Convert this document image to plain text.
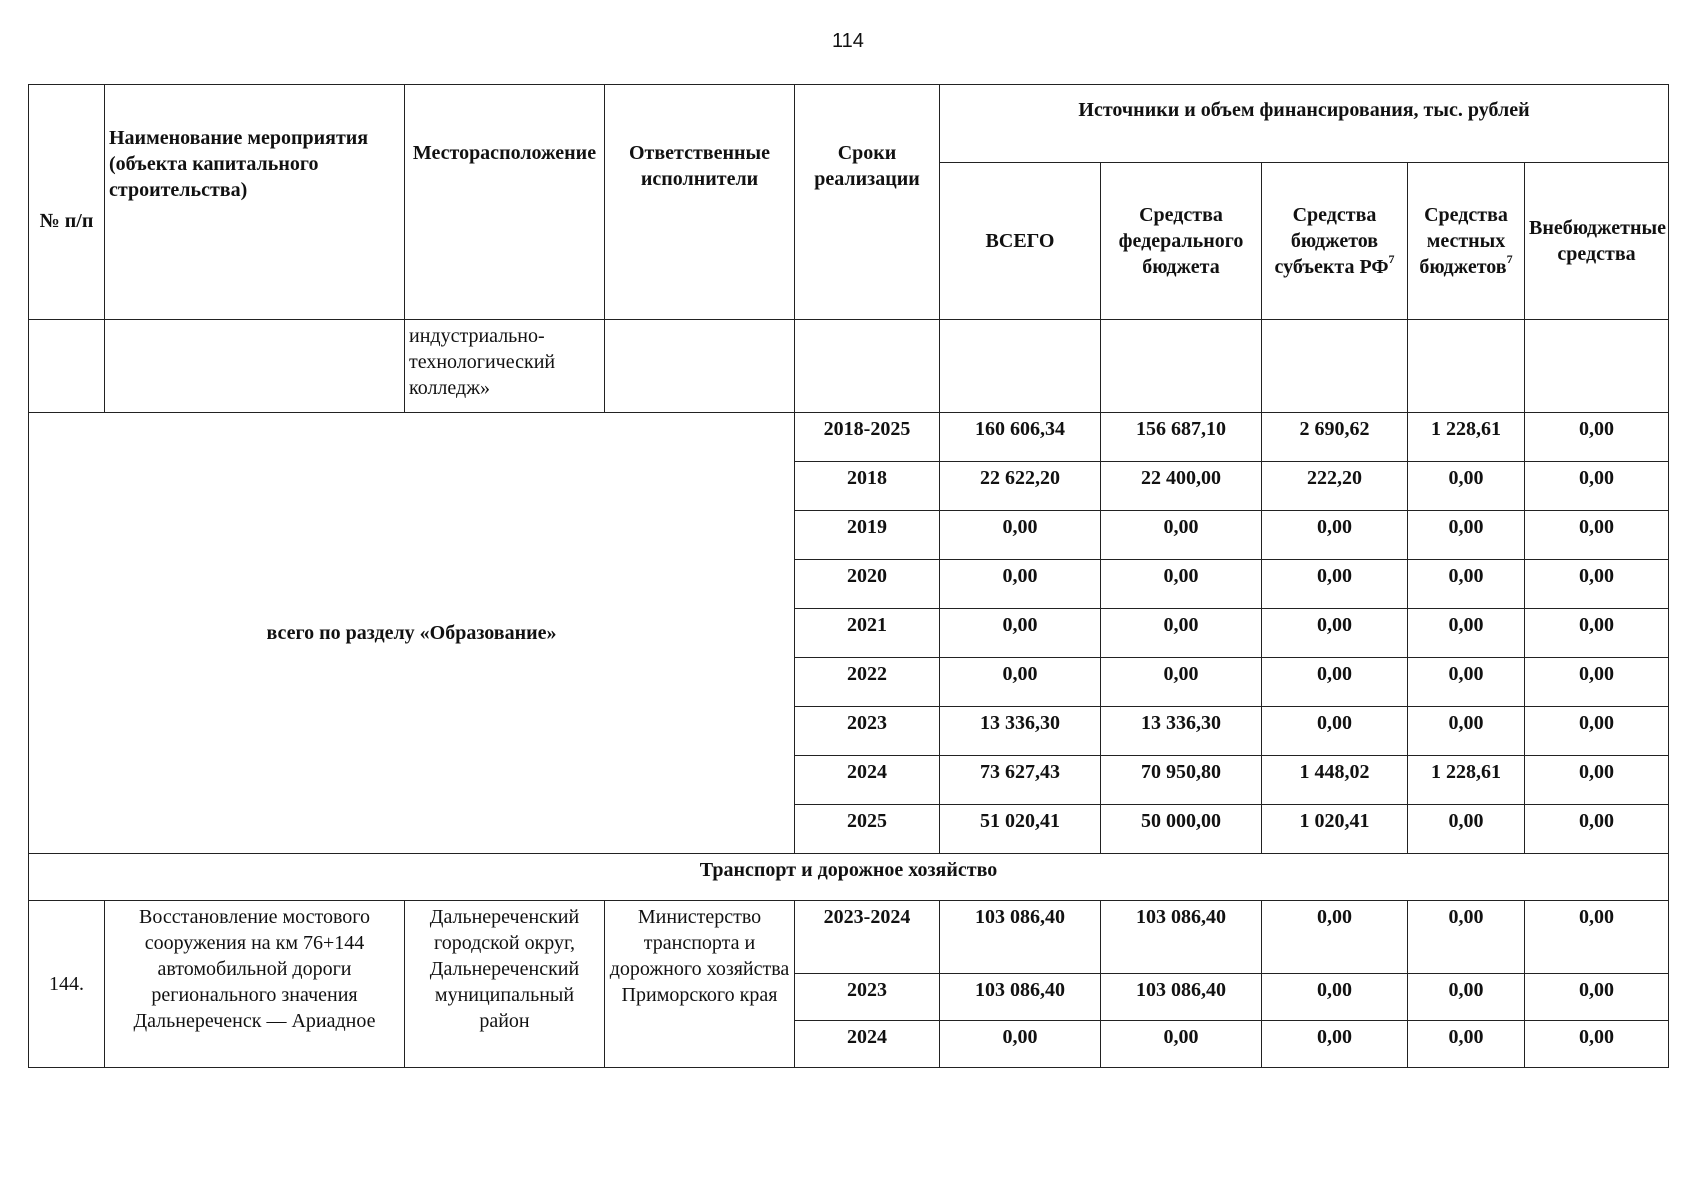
114
№ п/п	Наименование мероприятия (объекта капитального строительства)	Месторасположение	Ответственные исполнители	Сроки реализации	Источники и объем финансирования, тыс. рублей				
					ВСЕГО	Средства федерального бюджета	Средства бюджетов субъекта $РФ^7$	Средства местных бюджетов$^7$	Внебюджетные средства
		индустриально-технологический колледж»							
всего по разделу «Образование»				2018-2025	160 606,34	156 687,10	2 690,62	1 228,61	0,00
				2018	22 622,20	22 400,00	222,20	0,00	0,00
				2019	0,00	0,00	0,00	0,00	0,00
				2020	0,00	0,00	0,00	0,00	0,00
				2021	0,00	0,00	0,00	0,00	0,00
				2022	0,00	0,00	0,00	0,00	0,00
				2023	13 336,30	13 336,30	0,00	0,00	0,00
				2024	73 627,43	70 950,80	1 448,02	1 228,61	0,00
				2025	51 020,41	50 000,00	1 020,41	0,00	0,00
Транспорт и дорожное хозяйство									
144.	Восстановление мостового сооружения на км 76+144 автомобильной дороги регионального значения Дальнереченск — Ариадное	Дальнереченский городской округ, Дальнереченский муниципальный район	Министерство транспорта и дорожного хозяйства Приморского края	2023-2024	103 086,40	103 086,40	0,00	0,00	0,00
				2023	103 086,40	103 086,40	0,00	0,00	0,00
				2024	0,00	0,00	0,00	0,00	0,00
